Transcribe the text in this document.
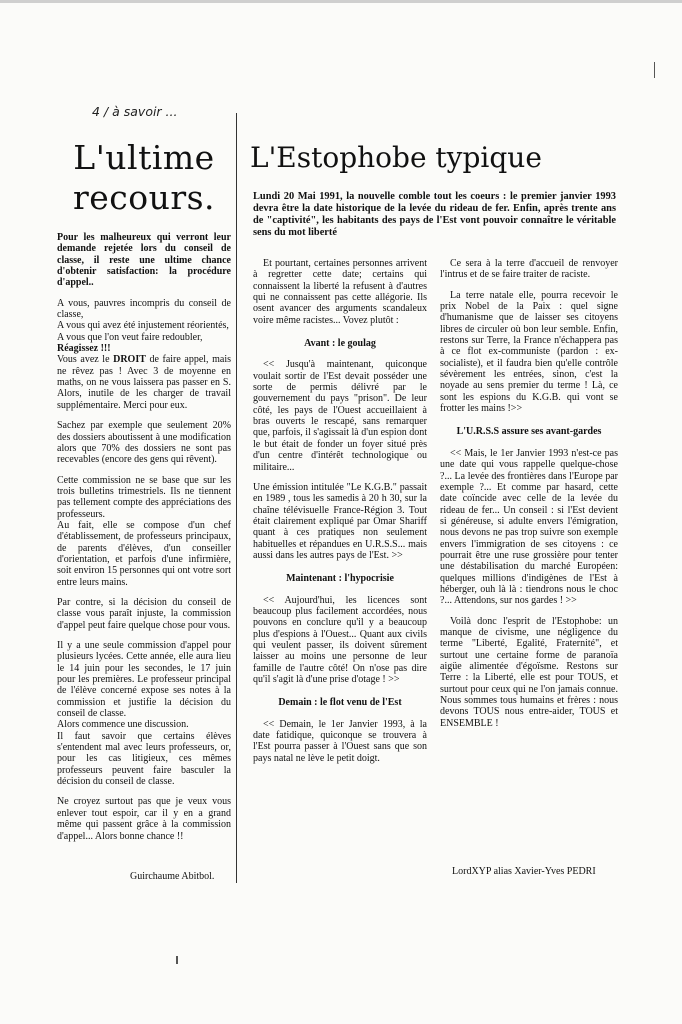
4 / à savoir ...
L'ultime
recours.
L'Estophobe typique
Lundi 20 Mai 1991, la nouvelle comble tout les coeurs : le premier janvier 1993 devra être la date historique de la levée du rideau de fer. Enfin, après trente ans de "captivité", les habitants des pays de l'Est vont pouvoir connaître le véritable sens du mot liberté

Pour les malheureux qui verront leur demande rejetée lors du conseil de classe, il reste une ultime chance d'obtenir satisfaction: la procédure d'appel..

A vous, pauvres incompris du conseil de classe,
A vous qui avez été injustement réorientés,
A vous que l'on veut faire redoubler,
Réagissez !!!

Vous avez le DROIT de faire appel, mais ne rêvez pas ! Avec 3 de moyenne en maths, on ne vous laissera pas passer en S. Alors, inutile de les charger de travail supplémentaire. Merci pour eux.

Sachez par exemple que seulement 20% des dossiers aboutissent à une modification alors que 70% des dossiers ne sont pas recevables (encore des gens qui rêvent).

Cette commission ne se base que sur les trois bulletins trimestriels. Ils ne tiennent pas tellement compte des appréciations des professeurs.

Au fait, elle se compose d'un chef d'établissement, de professeurs principaux, de parents d'élèves, d'un conseiller d'orientation, et parfois d'une infirmière, soit environ 15 personnes qui ont votre sort entre leurs mains.

Par contre, si la décision du conseil de classe vous paraît injuste, la commission d'appel peut faire quelque chose pour vous.

Il y a une seule commission d'appel pour plusieurs lycées. Cette année, elle aura lieu le 14 juin pour les secondes, le 17 juin pour les premières. Le professeur principal de l'élève concerné expose ses notes à la commission et justifie la décision du conseil de classe.
Alors commence une discussion.

Il faut savoir que certains élèves s'entendent mal avec leurs professeurs, or, pour les cas litigieux, ces mêmes professeurs peuvent faire basculer la décision du conseil de classe.

Ne croyez surtout pas que je veux vous enlever tout espoir, car il y en a grand même qui passent grâce à la commission d'appel... Alors bonne chance !!

Guirchaume Abitbol.

Et pourtant, certaines personnes arrivent à regretter cette date; certains qui connaissent la liberté la refusent à d'autres qui ne connaissent pas cette allégorie. Ils osent avancer des arguments scandaleux voire même racistes... Vovez plutôt :

Avant : le goulag

<< Jusqu'à maintenant, quiconque voulait sortir de l'Est devait posséder une sorte de permis délivré par le gouvernement du pays "prison". De leur côté, les pays de l'Ouest accueillaient à bras ouverts le rescapé, sans remarquer que, parfois, il s'agissait là d'un espion dont le but était de fonder un foyer situé près d'un centre d'intérêt technologique ou militaire...

Une émission intitulée "Le K.G.B." passait en 1989 , tous les samedis à 20 h 30, sur la chaîne télévisuelle France-Région 3. Tout était clairement expliqué par Omar Shariff quant à ces pratiques non seulement habituelles et répandues en U.R.S.S... mais aussi dans les autres pays de l'Est. >>

Maintenant : l'hypocrisie

<< Aujourd'hui, les licences sont beaucoup plus facilement accordées, nous pouvons en conclure qu'il y a beaucoup plus d'espions à l'Ouest... Quant aux civils qui veulent passer, ils doivent sûrement laisser au moins une personne de leur famille de l'autre côté! On n'ose pas dire qu'il s'agit là d'une prise d'otage ! >>

Demain : le flot venu de l'Est

<< Demain, le 1er Janvier 1993, à la date fatidique, quiconque se trouvera à l'Est pourra passer à l'Ouest sans que son pays natal ne lève le petit doigt.

Ce sera à la terre d'accueil de renvoyer l'intrus et de se faire traiter de raciste.

La terre natale elle, pourra recevoir le prix Nobel de la Paix : quel signe d'humanisme que de laisser ses citoyens libres de circuler où bon leur semble. Enfin, restons sur Terre, la France n'échappera pas à ce flot ex-communiste (pardon : ex-socialiste), et il faudra bien qu'elle contrôle sévèrement les entrées, sinon, c'est la noyade au sens premier du terme ! Là, ce sont les espions du K.G.B. qui vont se frotter les mains !>>

L'U.R.S.S assure ses avant-gardes

<< Mais, le 1er Janvier 1993 n'est-ce pas une date qui vous rappelle quelque-chose ?... La levée des frontières dans l'Europe par exemple ?... Et comme par hasard, cette date coïncide avec celle de la levée du rideau de fer... Un conseil : si l'Est devient si généreuse, si adulte envers l'émigration, nous devons ne pas trop suivre son exemple envers l'immigration de ses citoyens : ce pourrait être une ruse grossière pour tenter une déstabilisation du marché Européen: quelques millions d'indigènes de l'Est à héberger, ouh là là : tiendrons nous le choc ?... Attendons, sur nos gardes ! >>

Voilà donc l'esprit de l'Estophobe: un manque de civisme, une négligence du terme "Liberté, Egalité, Fraternité", et surtout une certaine forme de paranoïa aigüe alimentée d'égoïsme. Restons sur Terre : la Liberté, elle est pour TOUS, et surtout pour ceux qui ne l'on jamais connue. Nous sommes tous humains et frères : nous devons TOUS nous entre-aider, TOUS et ENSEMBLE !

LordXYP alias Xavier-Yves PEDRI
